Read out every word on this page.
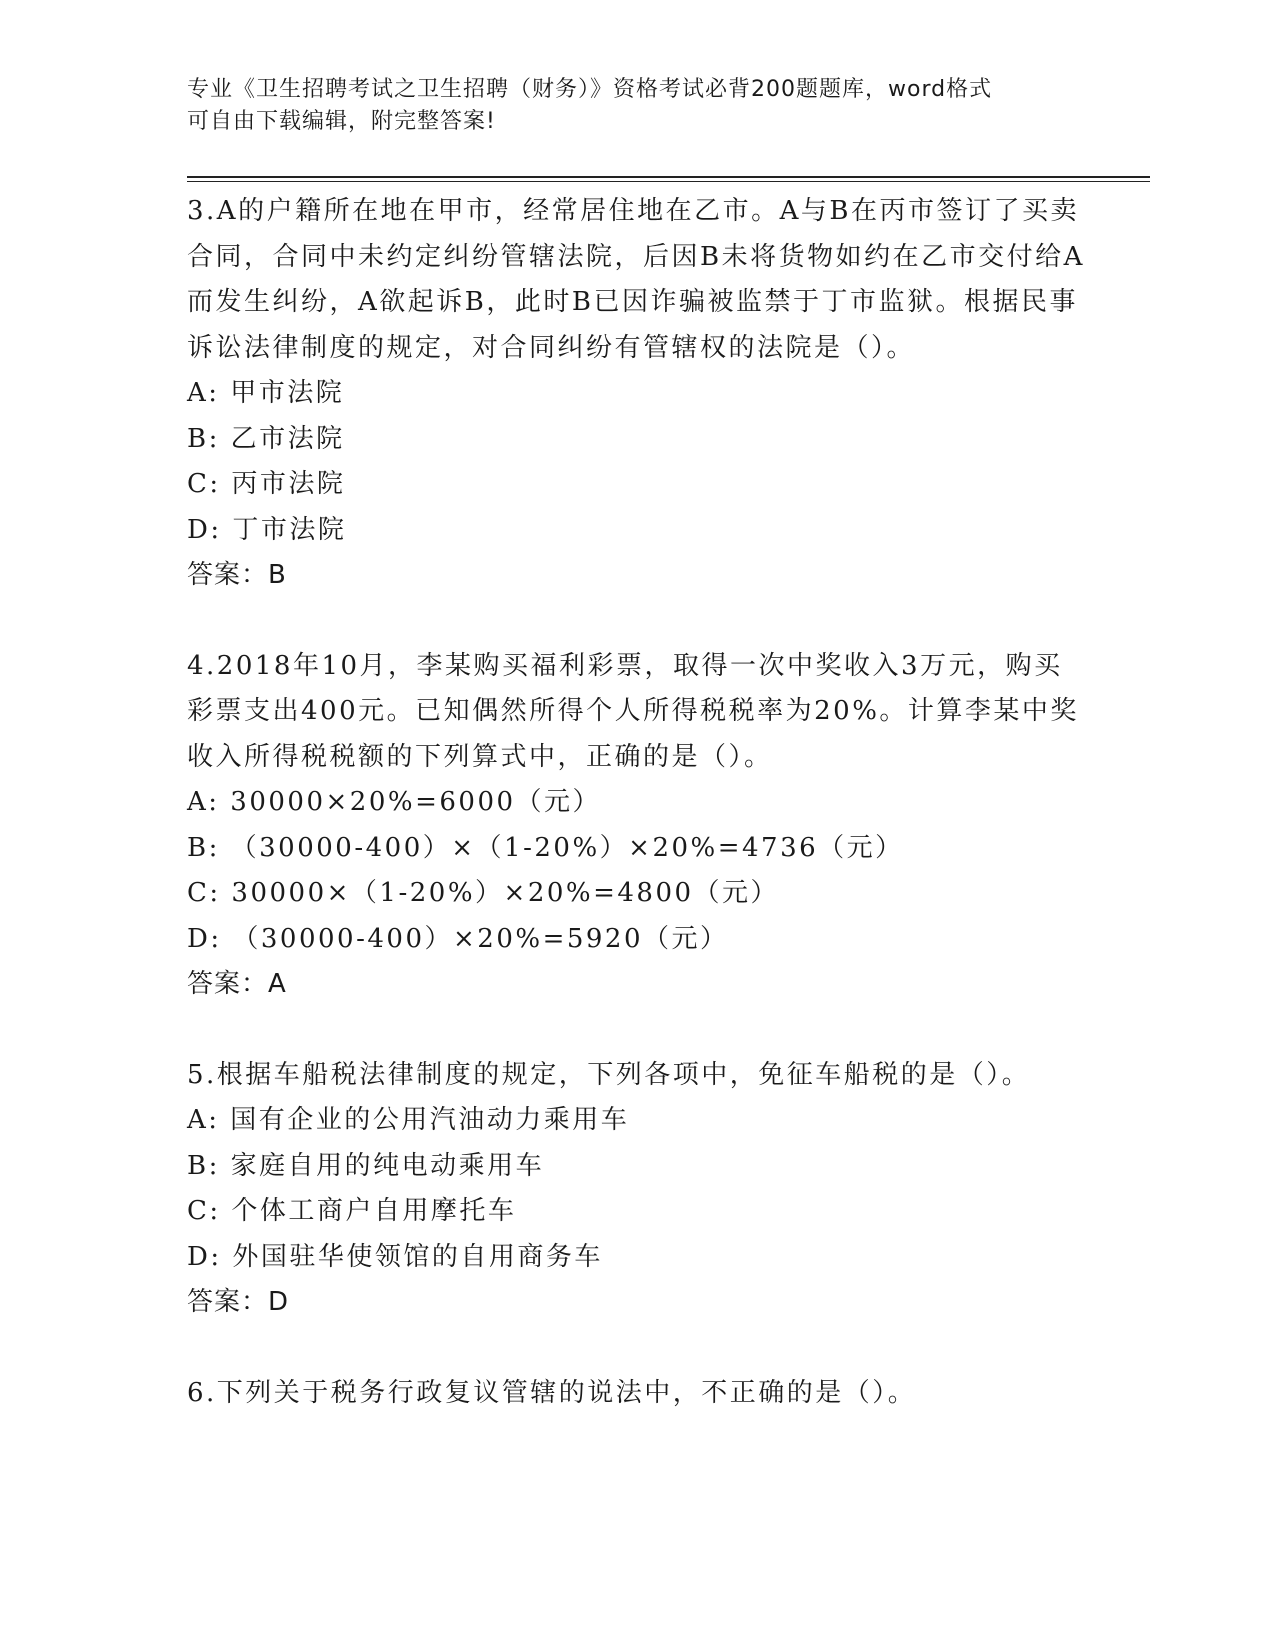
专业《卫生招聘考试之卫生招聘（财务）》资格考试必背200题题库，word格式
可自由下载编辑，附完整答案!

3.A的户籍所在地在甲市，经常居住地在乙市。A与B在丙市签订了买卖合同，合同中未约定纠纷管辖法院，后因B未将货物如约在乙市交付给A而发生纠纷，A欲起诉B，此时B已因诈骗被监禁于丁市监狱。根据民事诉讼法律制度的规定，对合同纠纷有管辖权的法院是（）。

A: 甲市法院

B: 乙市法院

C: 丙市法院

D: 丁市法院

答案：B

4.2018年10月，李某购买福利彩票，取得一次中奖收入3万元，购买彩票支出400元。已知偶然所得个人所得税税率为20%。计算李某中奖收入所得税税额的下列算式中，正确的是（）。

A: 30000×20%=6000（元）

B: （30000-400）×（1-20%）×20%=4736（元）

C: 30000×（1-20%）×20%=4800（元）

D: （30000-400）×20%=5920（元）

答案：A

5.根据车船税法律制度的规定，下列各项中，免征车船税的是（）。

A: 国有企业的公用汽油动力乘用车

B: 家庭自用的纯电动乘用车

C: 个体工商户自用摩托车

D: 外国驻华使领馆的自用商务车

答案：D

6.下列关于税务行政复议管辖的说法中，不正确的是（）。
